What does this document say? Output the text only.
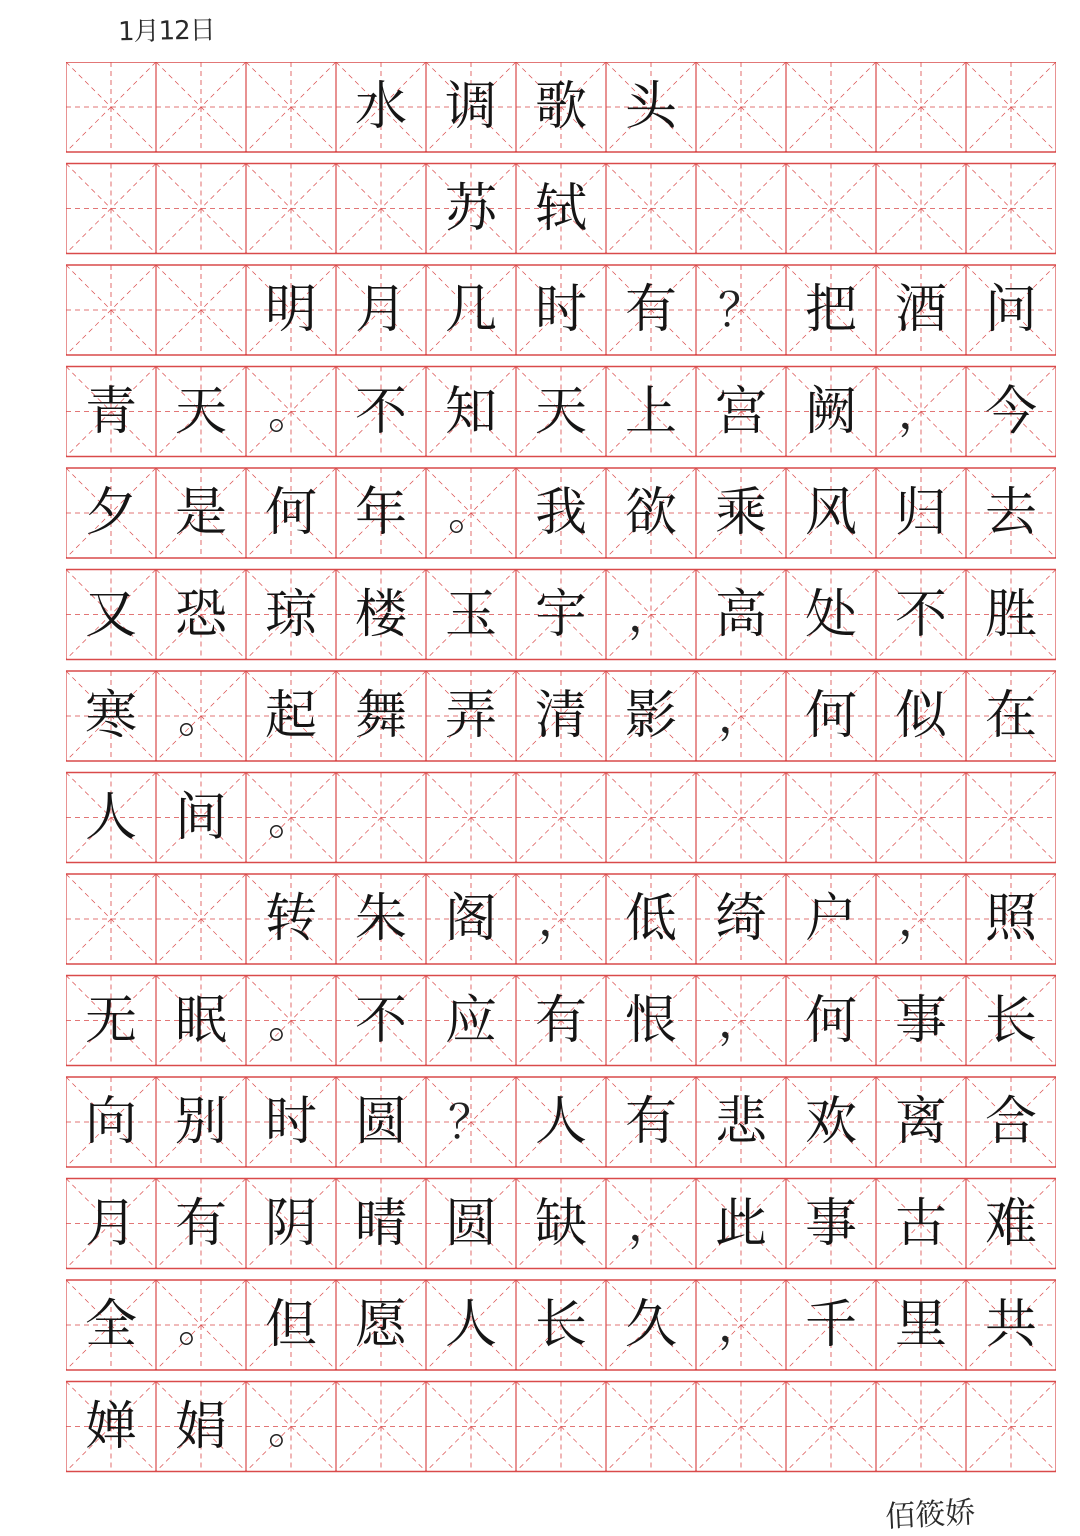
1月12日
水 调 歌 头
苏 轼
明 月 几 时 有 ？ 把 酒 问
青 天 。 不 知 天 上 宫 阙 ， 今
夕 是 何 年 。 我 欲 乘 风 归 去
又 恐 琼 楼 玉 宇 ， 高 处 不 胜
寒 。 起 舞 弄 清 影 ， 何 似 在
人 间 。
转 朱 阁 ， 低 绮 户 ， 照
无 眠 。 不 应 有 恨 ， 何 事 长
向 别 时 圆 ？ 人 有 悲 欢 离 合
月 有 阴 晴 圆 缺 ， 此 事 古 难
全 。 但 愿 人 长 久 ， 千 里 共
婵 娟 。
佰筱娇
